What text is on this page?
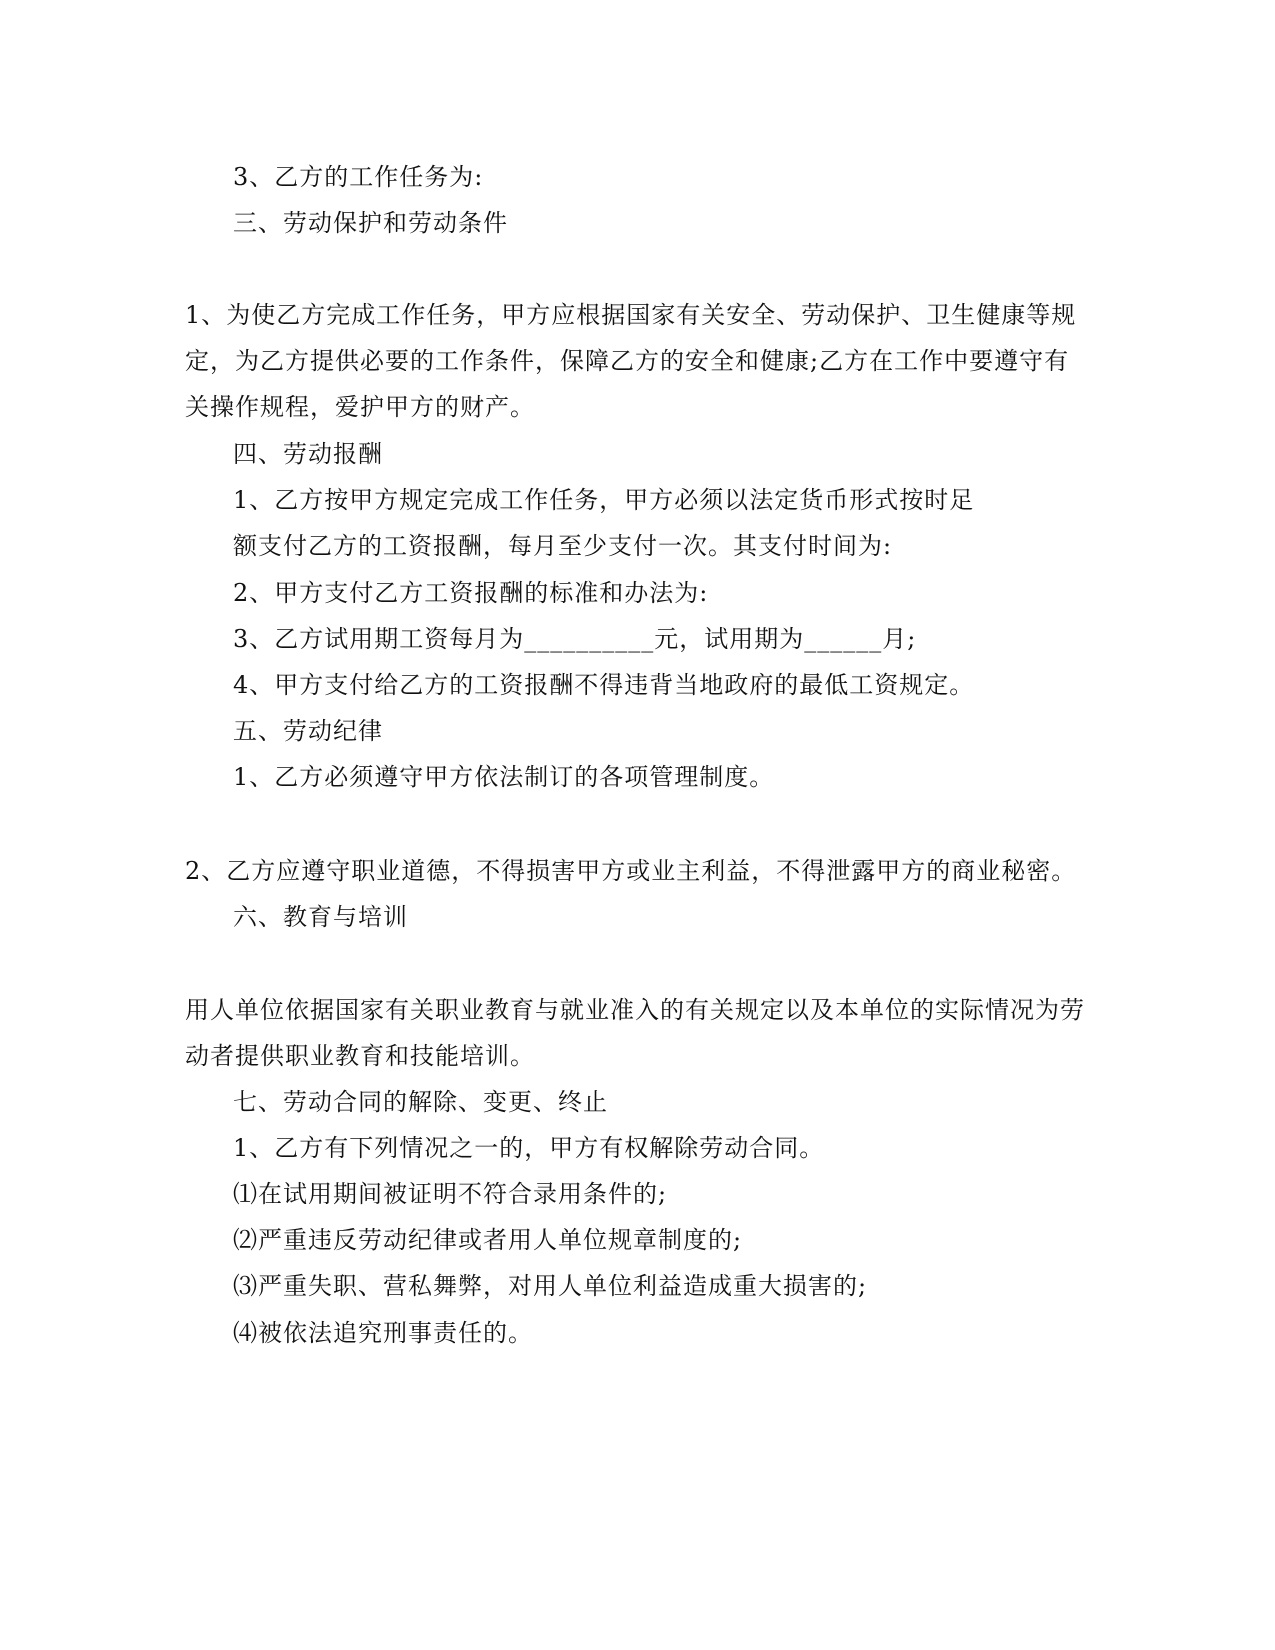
3、乙方的工作任务为:
三、劳动保护和劳动条件
1、为使乙方完成工作任务，甲方应根据国家有关安全、劳动保护、卫生健康等规
定，为乙方提供必要的工作条件，保障乙方的安全和健康;乙方在工作中要遵守有
关操作规程，爱护甲方的财产。
四、劳动报酬
1、乙方按甲方规定完成工作任务，甲方必须以法定货币形式按时足
额支付乙方的工资报酬，每月至少支付一次。其支付时间为:
2、甲方支付乙方工资报酬的标准和办法为:
3、乙方试用期工资每月为__________元，试用期为______月;
4、甲方支付给乙方的工资报酬不得违背当地政府的最低工资规定。
五、劳动纪律
1、乙方必须遵守甲方依法制订的各项管理制度。
2、乙方应遵守职业道德，不得损害甲方或业主利益，不得泄露甲方的商业秘密。
六、教育与培训
用人单位依据国家有关职业教育与就业准入的有关规定以及本单位的实际情况为劳
动者提供职业教育和技能培训。
七、劳动合同的解除、变更、终止
1、乙方有下列情况之一的，甲方有权解除劳动合同。
⑴在试用期间被证明不符合录用条件的;
⑵严重违反劳动纪律或者用人单位规章制度的;
⑶严重失职、营私舞弊，对用人单位利益造成重大损害的;
⑷被依法追究刑事责任的。
